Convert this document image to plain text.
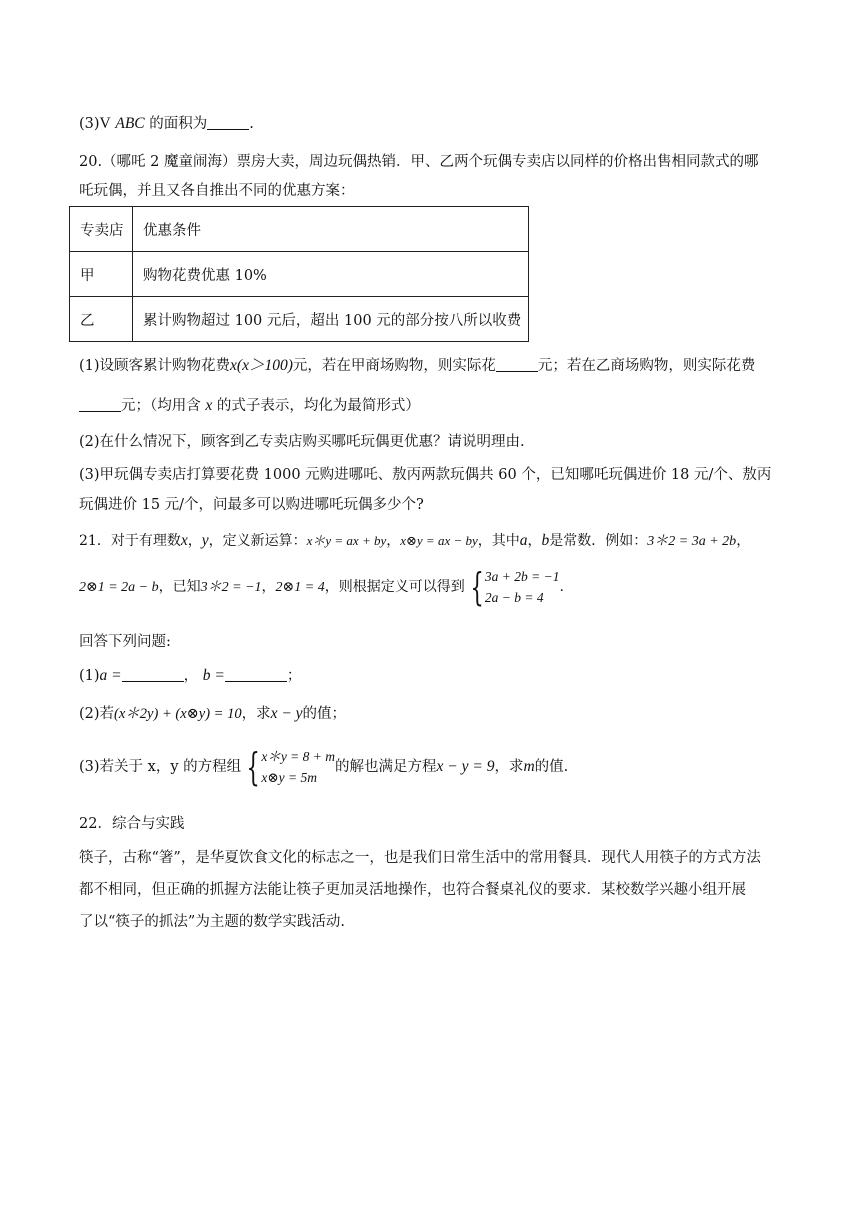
(3)V ABC 的面积为	.
20.（哪吒 2 魔童闹海）票房大卖，周边玩偶热销．甲、乙两个玩偶专卖店以同样的价格出售相同款式的哪
吒玩偶，并且又各自推出不同的优惠方案：
专卖店	优惠条件
甲	购物花费优惠 10%
乙	累计购物超过 100 元后，超出 100 元的部分按八所以收费
(1)设顾客累计购物花费x(x＞100)元，若在甲商场购物，则实际花	元；若在乙商场购物，则实际花费
元；（均用含 x 的式子表示，均化为最简形式）
(2)在什么情况下，顾客到乙专卖店购买哪吒玩偶更优惠？请说明理由.
(3)甲玩偶专卖店打算要花费 1000 元购进哪吒、敖丙两款玩偶共 60 个，已知哪吒玩偶进价 18 元/个、敖丙
玩偶进价 15 元/个，问最多可以购进哪吒玩偶多少个?
21．对于有理数x，y，定义新运算：x＊y = ax + by，x⊗y = ax − by，其中a，b是常数．例如：3＊2 = 3a + 2b，
2⊗1 = 2a − b，已知3＊2 = −1，2⊗1 = 4，则根据定义可以得到 { 3a + 2b = −1
2a − b = 4
.
回答下列问题:
(1)a =	， b =	；
(2)若(x＊2y) + (x⊗y) = 10，求x − y的值；
(3)若关于 x，y 的方程组 { x＊y = 8 + m
x⊗y = 5m
的解也满足方程x − y = 9，求m的值.
22．综合与实践
筷子，古称“箸”，是华夏饮食文化的标志之一，也是我们日常生活中的常用餐具．现代人用筷子的方式方法
都不相同，但正确的抓握方法能让筷子更加灵活地操作，也符合餐桌礼仪的要求．某校数学兴趣小组开展
了以“筷子的抓法”为主题的数学实践活动.
